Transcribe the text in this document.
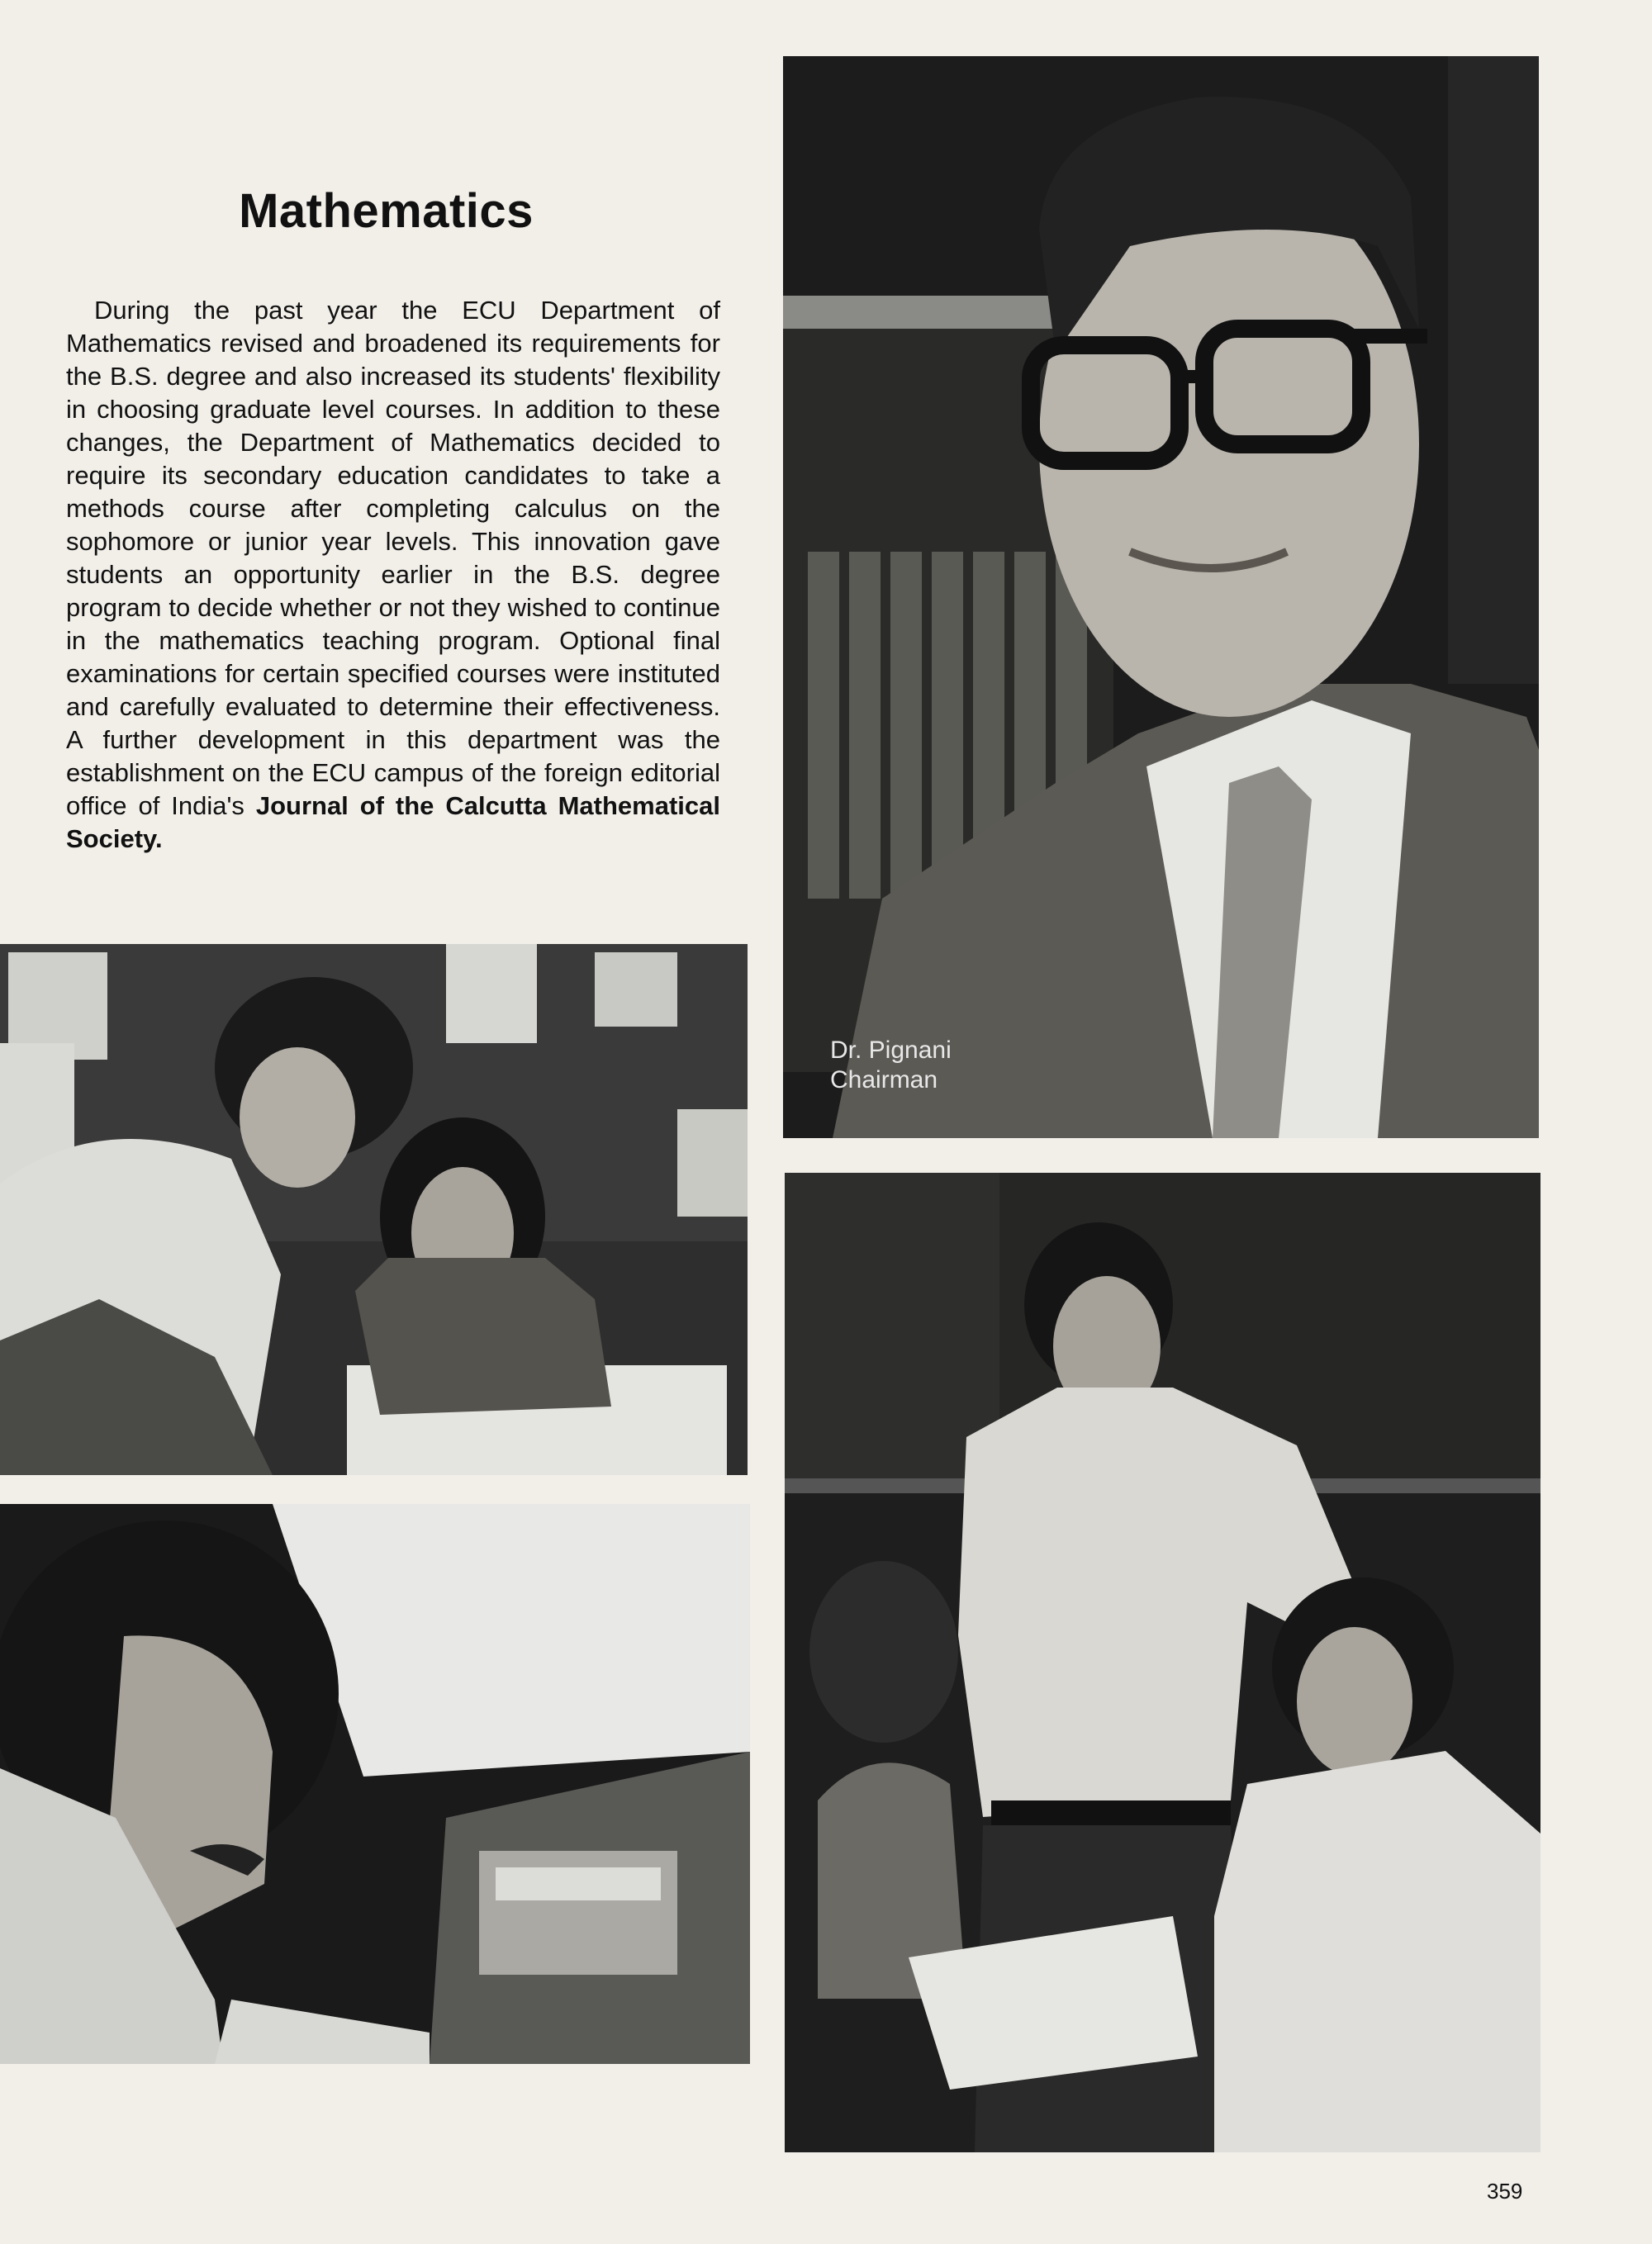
Mathematics

During the past year the ECU Department of Mathematics revised and broadened its requirements for the B.S. degree and also increased its students' flexibility in choosing graduate level courses. In addition to these changes, the Department of Mathematics decided to require its secondary education candidates to take a methods course after completing calculus on the sophomore or junior year levels. This innovation gave students an opportunity earlier in the B.S. degree program to decide whether or not they wished to continue in the mathematics teaching program. Optional final examinations for certain specified courses were instituted and carefully evaluated to determine their effectiveness. A further development in this department was the establishment on the ECU campus of the foreign editorial office of India's Journal of the Calcutta Mathematical Society.

Dr. Pignani
Chairman
359
